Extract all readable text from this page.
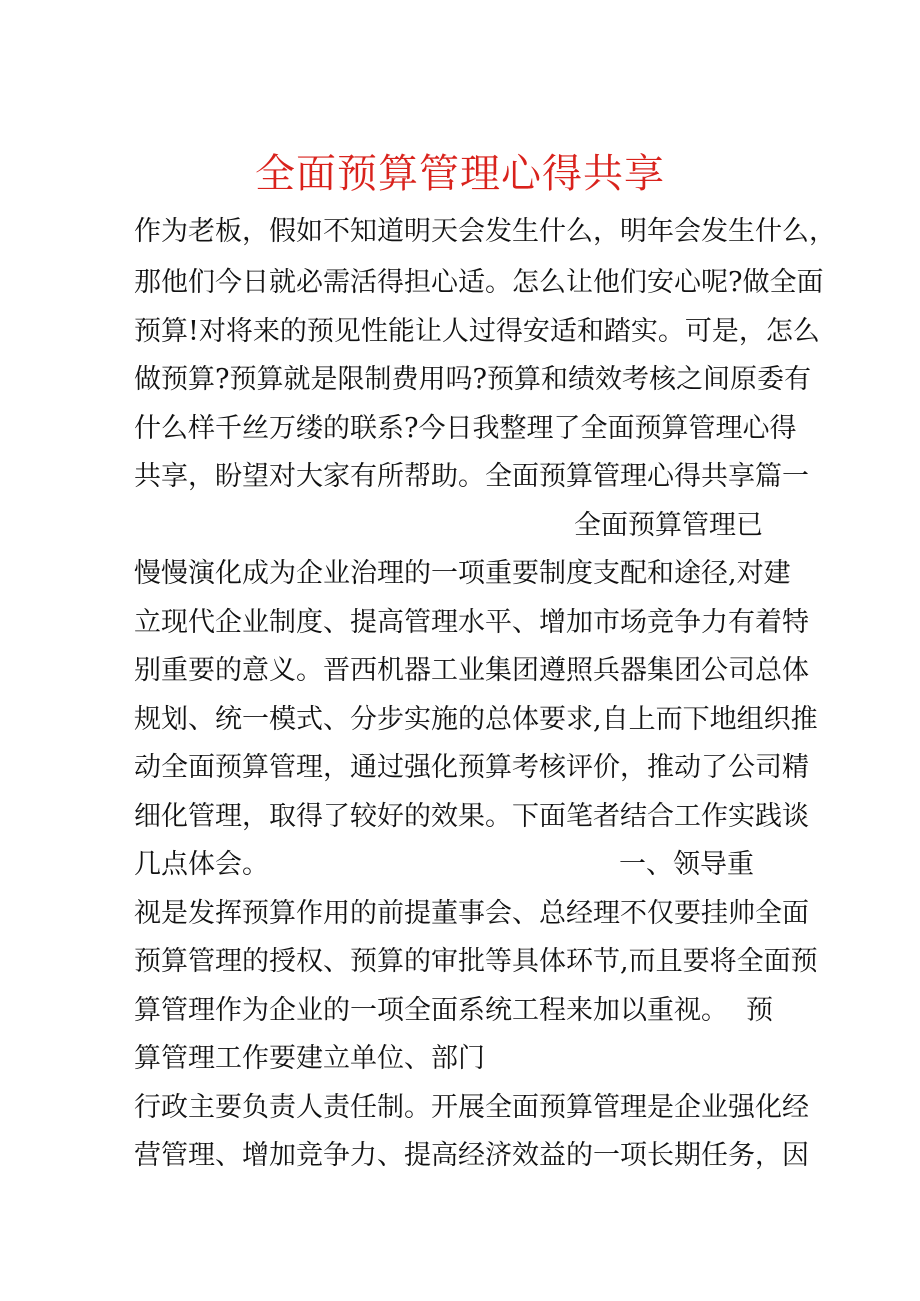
全面预算管理心得共享
作为老板，假如不知道明天会发生什么，明年会发生什么，
那他们今日就必需活得担心适。怎么让他们安心呢?做全面
预算!对将来的预见性能让人过得安适和踏实。可是，怎么
做预算?预算就是限制费用吗?预算和绩效考核之间原委有
什么样千丝万缕的联系?今日我整理了全面预算管理心得
共享，盼望对大家有所帮助。全面预算管理心得共享篇一
全面预算管理已
慢慢演化成为企业治理的一项重要制度支配和途径,对建
立现代企业制度、提高管理水平、增加市场竞争力有着特
别重要的意义。晋西机器工业集团遵照兵器集团公司总体
规划、统一模式、分步实施的总体要求,自上而下地组织推
动全面预算管理，通过强化预算考核评价，推动了公司精
细化管理，取得了较好的效果。下面笔者结合工作实践谈
几点体会。	一、领导重
视是发挥预算作用的前提董事会、总经理不仅要挂帅全面
预算管理的授权、预算的审批等具体环节,而且要将全面预
算管理作为企业的一项全面系统工程来加以重视。 预
算管理工作要建立单位、部门
行政主要负责人责任制。开展全面预算管理是企业强化经
营管理、增加竞争力、提高经济效益的一项长期任务，因
